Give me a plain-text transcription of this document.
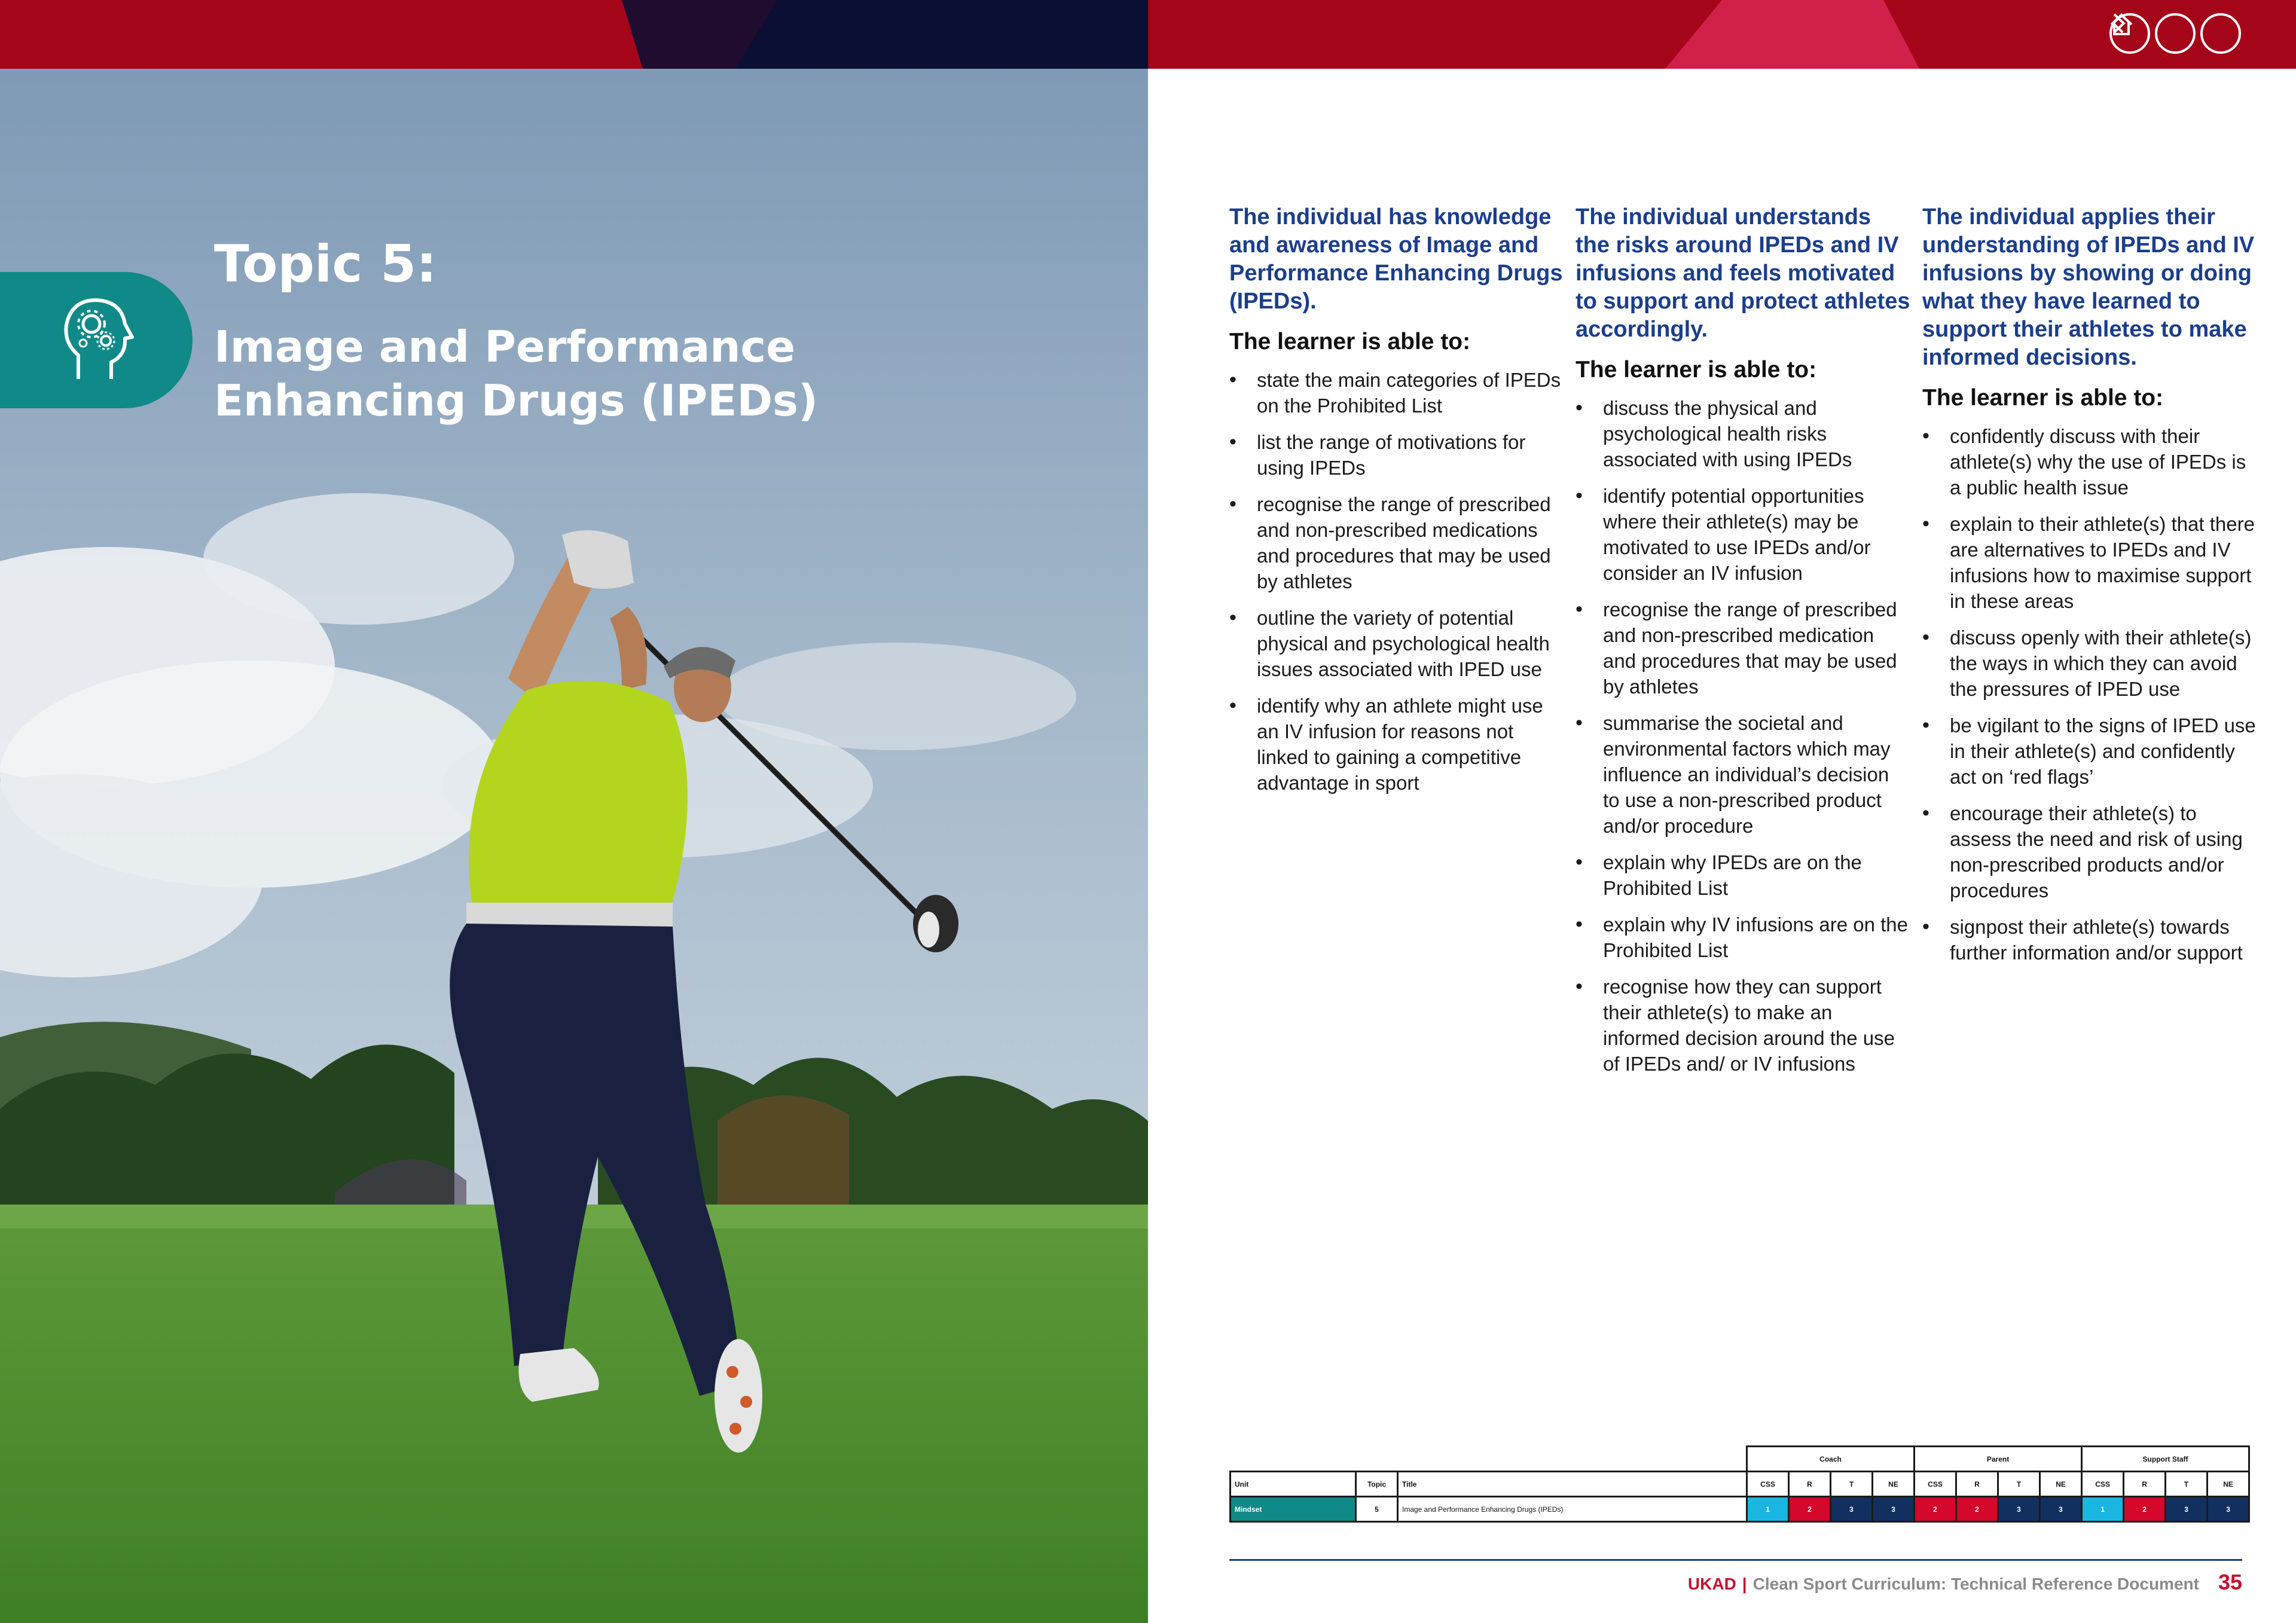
Topic 5:
Image and Performance Enhancing Drugs (IPEDs)
The individual has knowledge and awareness of Image and Performance Enhancing Drugs (IPEDs).
The learner is able to:
• state the main categories of IPEDs on the Prohibited List
• list the range of motivations for using IPEDs
• recognise the range of prescribed and non-prescribed medications and procedures that may be used by athletes
• outline the variety of potential physical and psychological health issues associated with IPED use
• identify why an athlete might use an IV infusion for reasons not linked to gaining a competitive advantage in sport
The individual understands the risks around IPEDs and IV infusions and feels motivated to support and protect athletes accordingly.
The learner is able to:
• discuss the physical and psychological health risks associated with using IPEDs
• identify potential opportunities where their athlete(s) may be motivated to use IPEDs and/or consider an IV infusion
• recognise the range of prescribed and non-prescribed medication and procedures that may be used by athletes
• summarise the societal and environmental factors which may influence an individual’s decision to use a non-prescribed product and/or procedure
• explain why IPEDs are on the Prohibited List
• explain why IV infusions are on the Prohibited List
• recognise how they can support their athlete(s) to make an informed decision around the use of IPEDs and/ or IV infusions
The individual applies their understanding of IPEDs and IV infusions by showing or doing what they have learned to support their athletes to make informed decisions.
The learner is able to:
• confidently discuss with their athlete(s) why the use of IPEDs is a public health issue
• explain to their athlete(s) that there are alternatives to IPEDs and IV infusions how to maximise support in these areas
• discuss openly with their athlete(s) the ways in which they can avoid the pressures of IPED use
• be vigilant to the signs of IPED use in their athlete(s) and confidently act on ‘red flags’
• encourage their athlete(s) to assess the need and risk of using non-prescribed products and/or procedures
• signpost their athlete(s) towards further information and/or support
			Coach				Parent				Support Staff			
Unit	Topic	Title	CSS	R	T	NE	CSS	R	T	NE	CSS	R	T	NE
Mindset	5	Image and Performance Enhancing Drugs (IPEDs)	1	2	3	3	2	2	3	3	1	2	3	3
UKAD | Clean Sport Curriculum: Technical Reference Document 35
